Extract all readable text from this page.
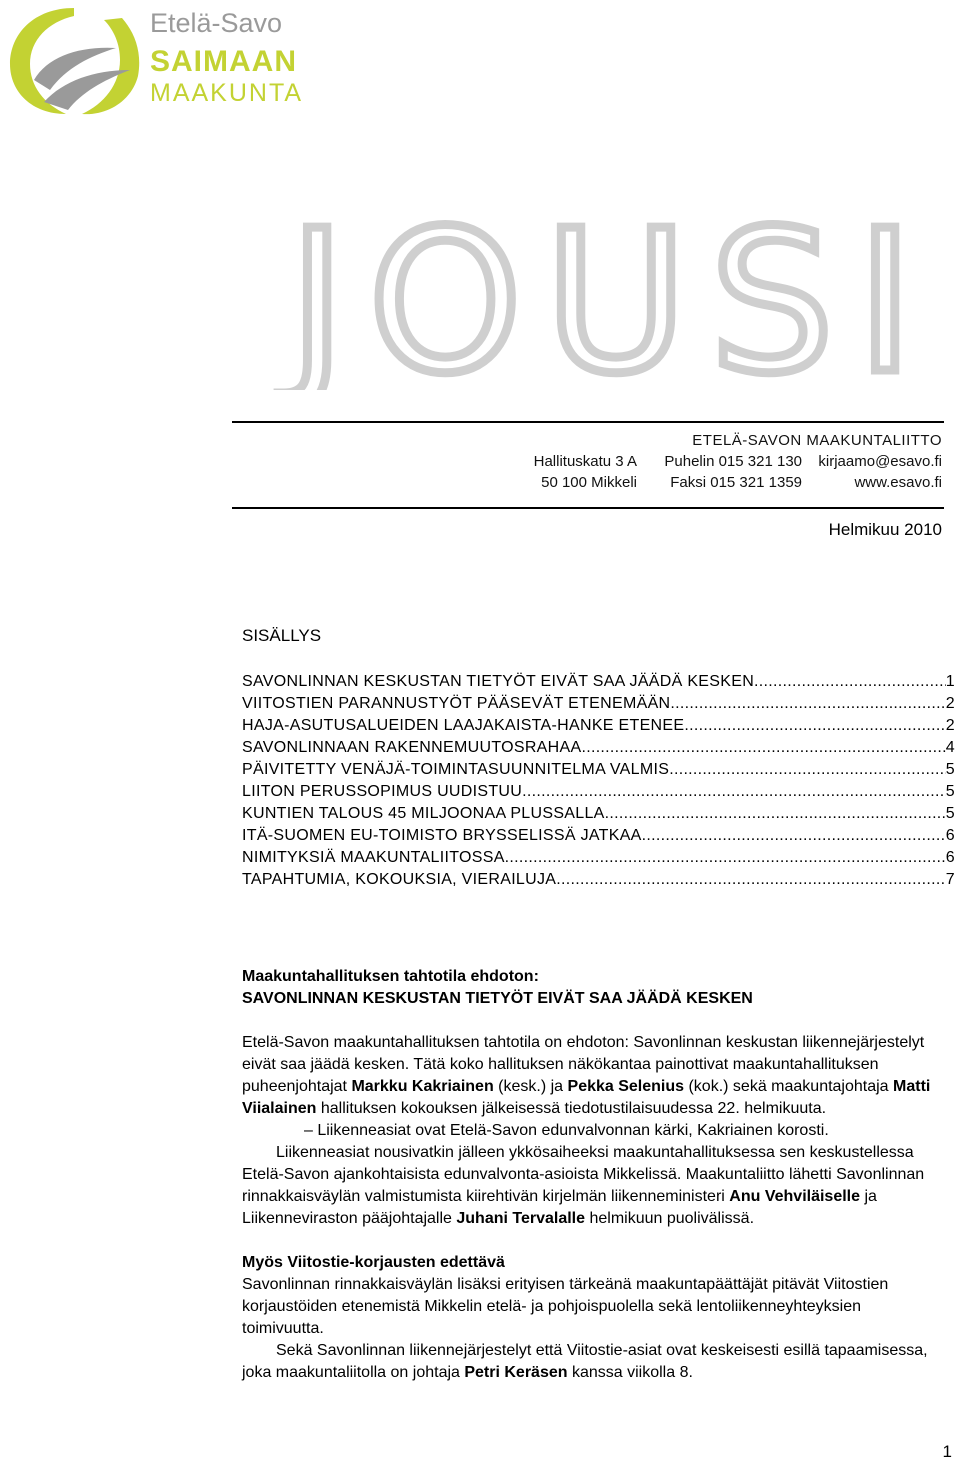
Etelä-Savo
SAIMAAN
MAAKUNTA
JOUSI
ETELÄ-SAVON MAAKUNTALIITTO
Hallituskatu 3 A Puhelin 015 321 130 kirjaamo@esavo.fi
50 100 Mikkeli Faksi 015 321 1359	www.esavo.fi
Helmikuu 2010
SISÄLLYS
SAVONLINNAN KESKUSTAN TIETYÖT EIVÄT SAA JÄÄDÄ KESKEN .....	1
VIITOSTIEN PARANNUSTYÖT PÄÄSEVÄT ETENEMÄÄN .....	2
HAJA-ASUTUSALUEIDEN LAAJAKAISTA-HANKE ETENEE .....	2
SAVONLINNAAN RAKENNEMUUTOSRAHAA .....	4
PÄIVITETTY VENÄJÄ-TOIMINTASUUNNITELMA VALMIS .....	5
LIITON PERUSSOPIMUS UUDISTUU .....	5
KUNTIEN TALOUS 45 MILJOONAA PLUSSALLA .....	5
ITÄ-SUOMEN EU-TOIMISTO BRYSSELISSÄ JATKAA .....	6
NIMITYKSIÄ MAAKUNTALIITOSSA .....	6
TAPAHTUMIA, KOKOUKSIA, VIERAILUJA .....	7
Maakuntahallituksen tahtotila ehdoton:
SAVONLINNAN KESKUSTAN TIETYÖT EIVÄT SAA JÄÄDÄ KESKEN

Etelä-Savon maakuntahallituksen tahtotila on ehdoton: Savonlinnan keskustan liikennejärjestelyt eivät saa jäädä kesken. Tätä koko hallituksen näkökantaa painottivat maakuntahallituksen puheenjohtajat Markku Kakriainen (kesk.) ja Pekka Selenius (kok.) sekä maakuntajohtaja Matti Viialainen hallituksen kokouksen jälkeisessä tiedotustilaisuudessa 22. helmikuuta.

– Liikenneasiat ovat Etelä-Savon edunvalvonnan kärki, Kakriainen korosti.

Liikenneasiat nousivatkin jälleen ykkösaiheeksi maakuntahallituksessa sen keskustellessa Etelä-Savon ajankohtaisista edunvalvonta-asioista Mikkelissä. Maakuntaliitto lähetti Savonlinnan rinnakkaisväylän valmistumista kiirehtivän kirjelmän liikenneministeri Anu Vehviläiselle ja Liikenneviraston pääjohtajalle Juhani Tervalalle helmikuun puolivälissä.

Myös Viitostie-korjausten edettävä

Savonlinnan rinnakkaisväylän lisäksi erityisen tärkeänä maakuntapäättäjät pitävät Viitostien korjaustöiden etenemistä Mikkelin etelä- ja pohjoispuolella sekä lentoliikenneyhteyksien toimivuutta.

Sekä Savonlinnan liikennejärjestelyt että Viitostie-asiat ovat keskeisesti esillä tapaamisessa, joka maakuntaliitolla on johtaja Petri Keräsen kanssa viikolla 8.

1
